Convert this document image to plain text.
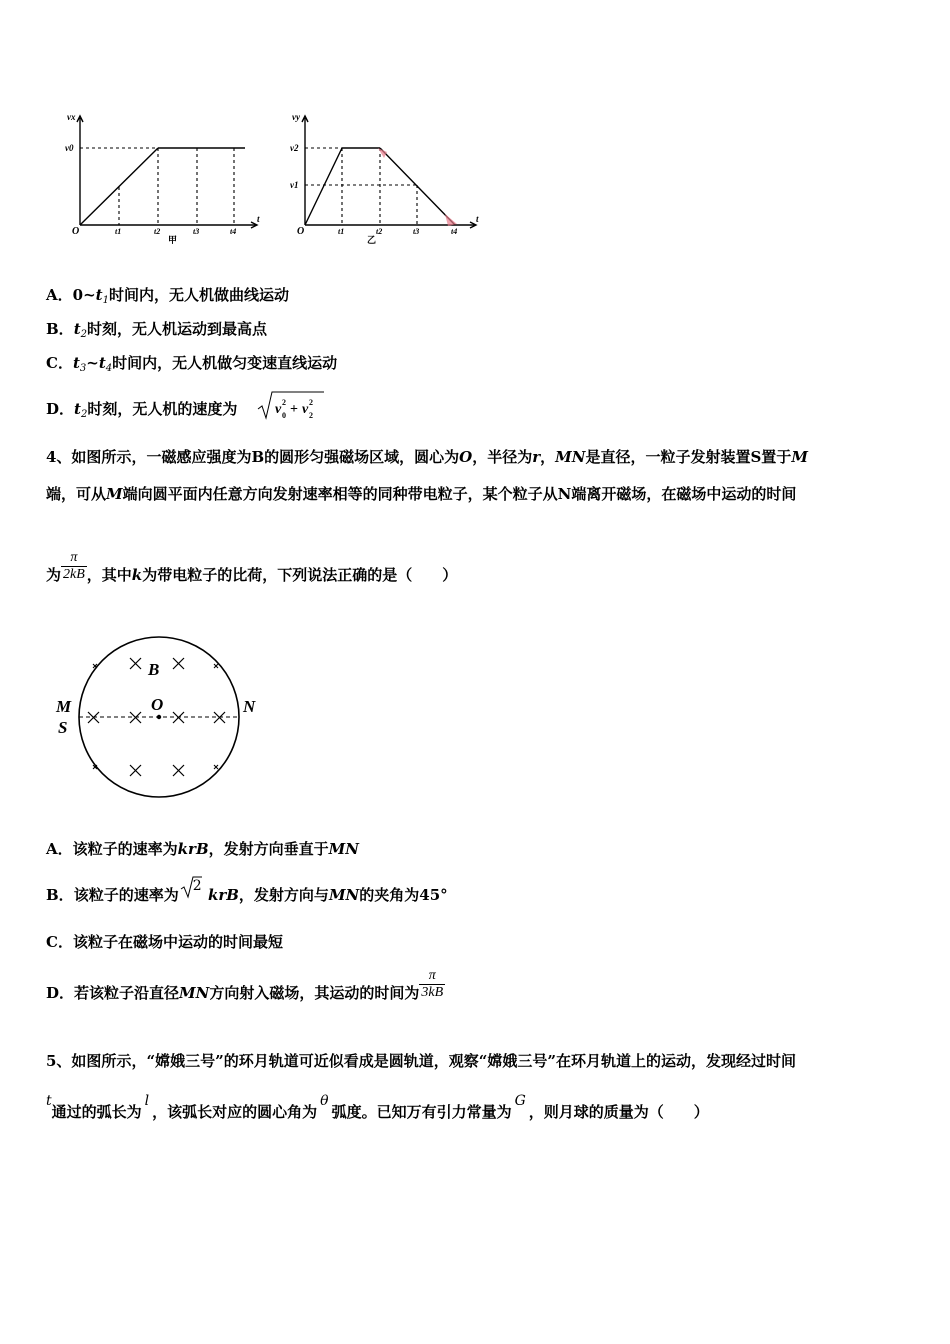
vx
v0
O
t
t1	t2	t3	t4
甲
vy
v2
v1
O
t
t1	t2	t3	t4
乙
A．$0\sim t_1$时间内，无人机做曲线运动
B．$t_2$时刻，无人机运动到最高点
C．$t_3\sim t_4$时间内，无人机做匀变速直线运动
D．$t_2$时刻，无人机的速度为	v 2
0 + v 2
2
4、如图所示，一磁感应强度为B的圆形匀强磁场区域，圆心为O，半径为r，MN是直径，一粒子发射装置S置于M
端，可从M端向圆平面内任意方向发射速率相等的同种带电粒子，某个粒子从N端离开磁场，在磁场中运动的时间
为 $\frac{\pi}{2kB}$ ，其中k为带电粒子的比荷，下列说法正确的是（　　）
B
O
M
S
N
A．该粒子的速率为krB，发射方向垂直于MN
B．该粒子的速率为 2 krB，发射方向与MN的夹角为45°
C．该粒子在磁场中运动的时间最短
D．若该粒子沿直径MN方向射入磁场，其运动的时间为 $\frac{\pi}{3kB}$
5、如图所示，“嫦娥三号”的环月轨道可近似看成是圆轨道，观察“嫦娥三号”在环月轨道上的运动，发现经过时间
t通过的弧长为l，该弧长对应的圆心角为θ弧度。已知万有引力常量为G，则月球的质量为（　　）
